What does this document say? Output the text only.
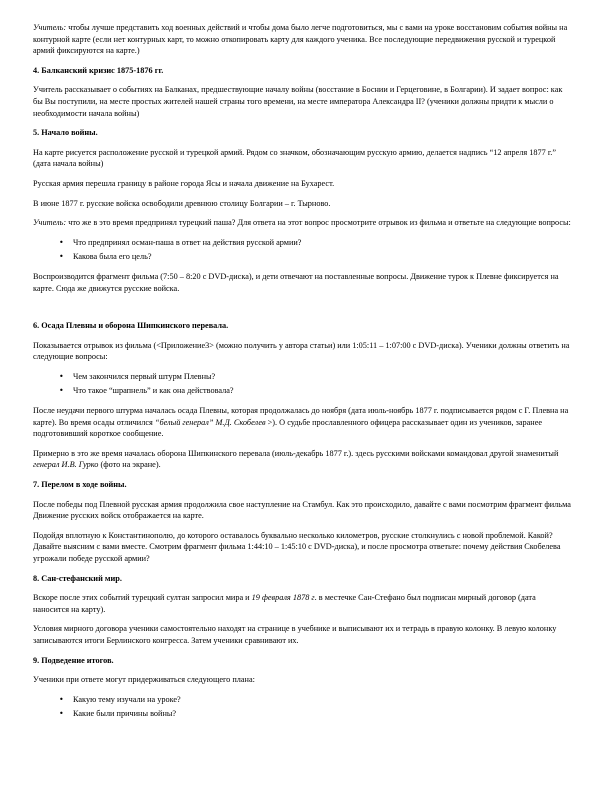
Учитель: чтобы лучше представить ход военных действий и чтобы дома было легче подготовиться, мы с вами на уроке восстановим события войны на контурной карте (если нет контурных карт, то можно откопировать карту для каждого ученика. Все последующие передвижения русской и турецкой армий фиксируются на карте.)

4. Балканский кризис 1875-1876 гг.

Учитель рассказывает о событиях на Балканах, предшествующие началу войны (восстание в Боснии и Герцеговине, в Болгарии). И задает вопрос: как бы Вы поступили, на месте простых жителей нашей страны того времени, на месте императора Александра II? (ученики должны придти к мысли о необходимости начала войны)

5. Начало войны.

На карте рисуется расположение русской и турецкой армий. Рядом со значком, обозначающим русскую армию, делается надпись “12 апреля 1877 г.” (дата начала войны)

Русская армия перешла границу в районе города Ясы и начала движение на Бухарест.

В июне 1877 г. русские войска освободили древнюю столицу Болгарии – г. Тырново.

Учитель: что же в это время предпринял турецкий паша? Для ответа на этот вопрос просмотрите отрывок из фильма и ответьте на следующие вопросы:

• Что предпринял осман-паша в ответ на действия русской армии?
• Какова была его цель?

Воспроизводится фрагмент фильма (7:50 – 8:20 с DVD-диска), и дети отвечают на поставленные вопросы. Движение турок к Плевне фиксируется на карте. Сюда же движутся русские войска.

6. Осада Плевны и оборона Шипкинского перевала.

Показывается отрывок из фильма (<Приложение3> (можно получить у автора статьи) или 1:05:11 – 1:07:00 с DVD-диска). Ученики должны ответить на следующие вопросы:

• Чем закончился первый штурм Плевны?
• Что такое “шрапнель” и как она действовала?

После неудачи первого штурма началась осада Плевны, которая продолжалась до ноября (дата июль-ноябрь 1877 г. подписывается рядом с Г. Плевна на карте). Во время осады отличился “белый генерал” М.Д. Скобелев >). О судьбе прославленного офицера рассказывает один из учеников, заранее подготовивший короткое сообщение.

Примерно в это же время началась оборона Шипкинского перевала (июль-декабрь 1877 г.). здесь русскими войсками командовал другой знаменитый генерал И.В. Гурко (фото на экране).

7. Перелом в ходе войны.

После победы под Плевной русская армия продолжила свое наступление на Стамбул. Как это происходило, давайте с вами посмотрим фрагмент фильма Движение русских войск отображается на карте.

Подойдя вплотную к Константинополю, до которого оставалось буквально несколько километров, русские столкнулись с новой проблемой. Какой? Давайте выясним с вами вместе. Смотрим фрагмент фильма 1:44:10 – 1:45:10 с DVD-диска), и после просмотра ответьте: почему действия Скобелева угрожали победе русской армии?

8. Сан-стефанский мир.

Вскоре после этих событий турецкий султан запросил мира и 19 февраля 1878 г. в местечке Сан-Стефано был подписан мирный договор (дата наносится на карту).

Условия мирного договора ученики самостоятельно находят на странице в учебнике и выписывают их и тетрадь в правую колонку. В левую колонку записываются итоги Берлинского конгресса. Затем ученики сравнивают их.

9. Подведение итогов.

Ученики при ответе могут придерживаться следующего плана:

• Какую тему изучали на уроке?
• Какие были причины войны?
